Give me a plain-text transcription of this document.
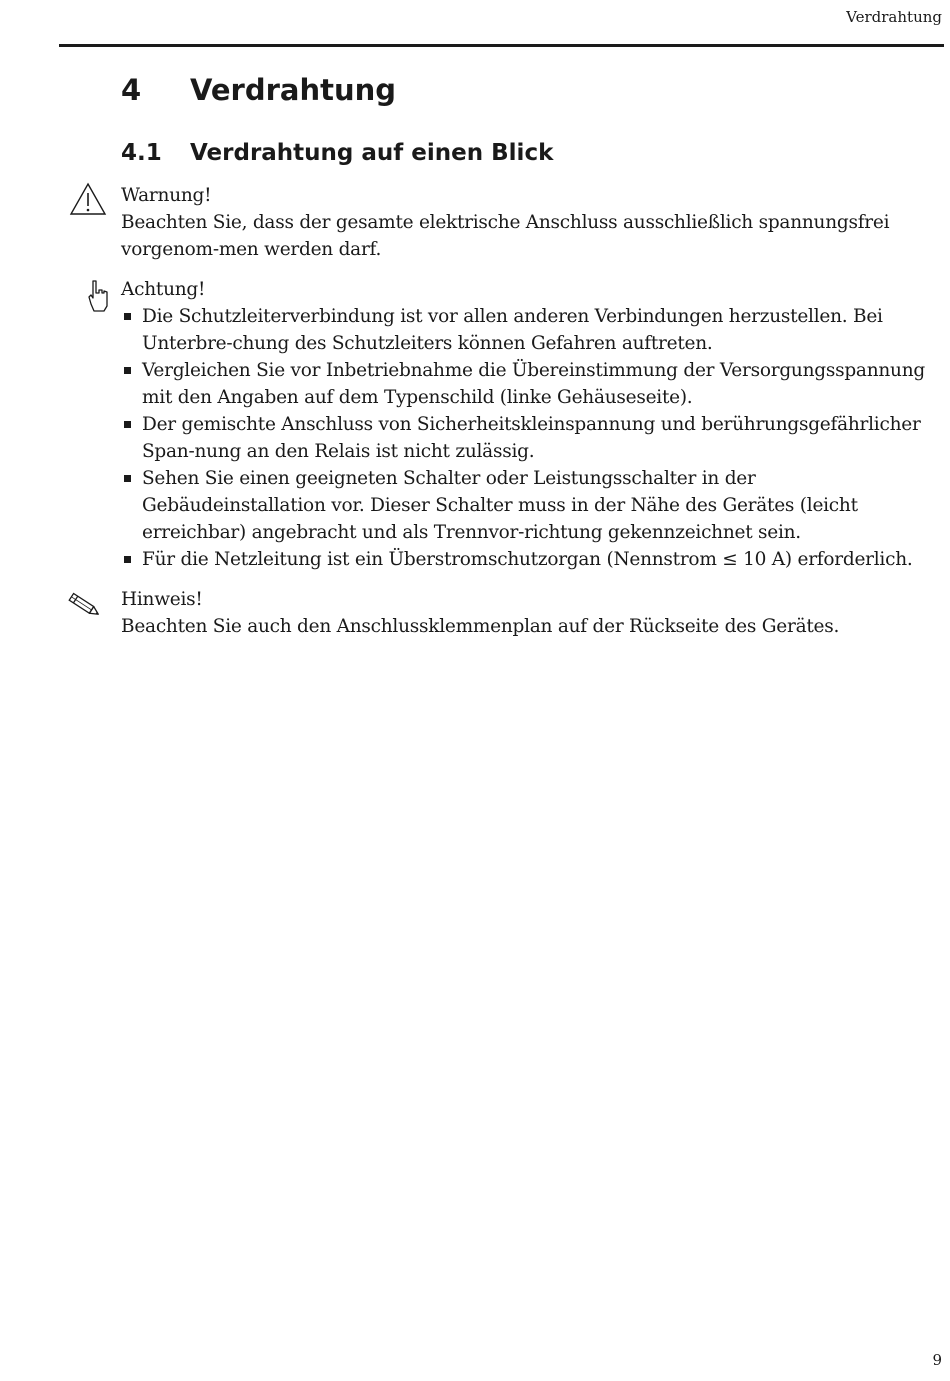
Verdrahtung
4 Verdrahtung
4.1 Verdrahtung auf einen Blick
Warnung!
Beachten Sie, dass der gesamte elektrische Anschluss ausschließlich spannungsfrei vorgenom-men werden darf.
Achtung!
Die Schutzleiterverbindung ist vor allen anderen Verbindungen herzustellen. Bei Unterbre-chung des Schutzleiters können Gefahren auftreten.
Vergleichen Sie vor Inbetriebnahme die Übereinstimmung der Versorgungsspannung mit den Angaben auf dem Typenschild (linke Gehäuseseite).
Der gemischte Anschluss von Sicherheitskleinspannung und berührungsgefährlicher Span-nung an den Relais ist nicht zulässig.
Sehen Sie einen geeigneten Schalter oder Leistungsschalter in der Gebäudeinstallation vor. Dieser Schalter muss in der Nähe des Gerätes (leicht erreichbar) angebracht und als Trennvor-richtung gekennzeichnet sein.
Für die Netzleitung ist ein Überstromschutzorgan (Nennstrom ≤ 10 A) erforderlich.
Hinweis!
Beachten Sie auch den Anschlussklemmenplan auf der Rückseite des Gerätes.
9
